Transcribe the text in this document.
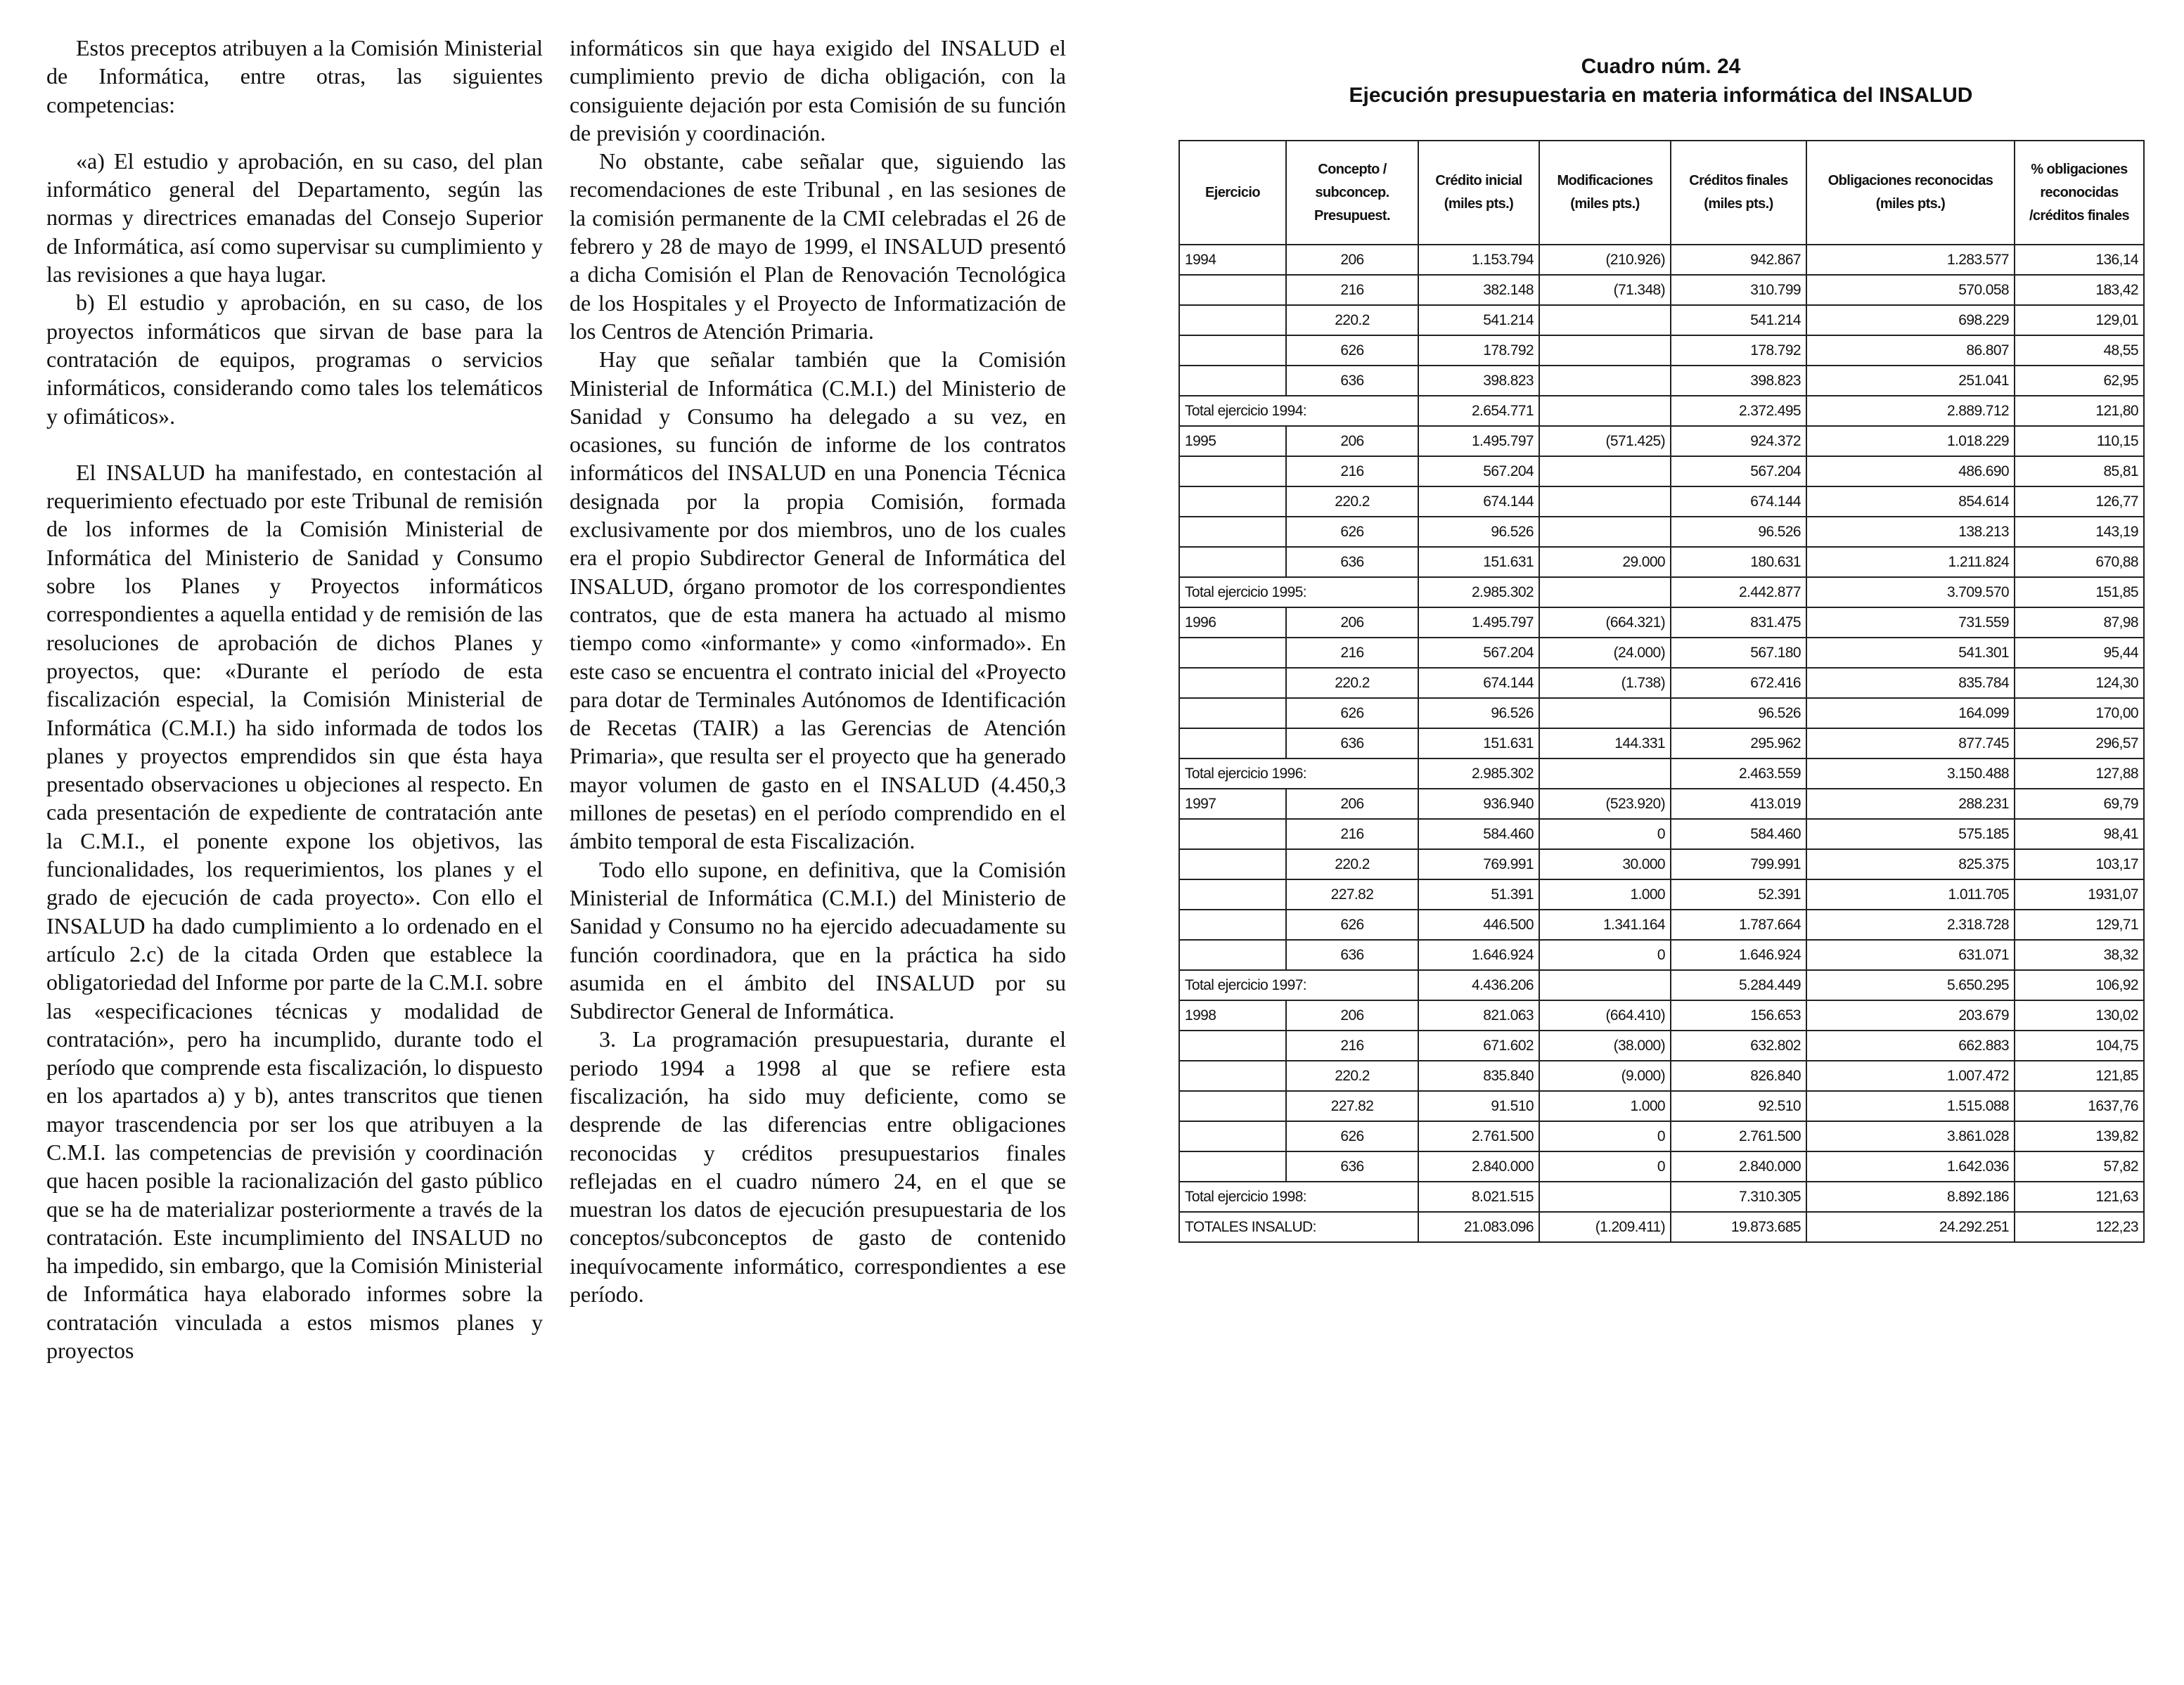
Estos preceptos atribuyen a la Comisión Ministerial de Informática, entre otras, las siguientes competencias:

«a) El estudio y aprobación, en su caso, del plan informático general del Departamento, según las normas y directrices emanadas del Consejo Superior de Informática, así como supervisar su cumplimiento y las revisiones a que haya lugar.

b) El estudio y aprobación, en su caso, de los proyectos informáticos que sirvan de base para la contratación de equipos, programas o servicios informáticos, considerando como tales los telemáticos y ofimáticos».

El INSALUD ha manifestado, en contestación al requerimiento efectuado por este Tribunal de remisión de los informes de la Comisión Ministerial de Informática del Ministerio de Sanidad y Consumo sobre los Planes y Proyectos informáticos correspondientes a aquella entidad y de remisión de las resoluciones de aprobación de dichos Planes y proyectos, que: «Durante el período de esta fiscalización especial, la Comisión Ministerial de Informática (C.M.I.) ha sido informada de todos los planes y proyectos emprendidos sin que ésta haya presentado observaciones u objeciones al respecto. En cada presentación de expediente de contratación ante la C.M.I., el ponente expone los objetivos, las funcionalidades, los requerimientos, los planes y el grado de ejecución de cada proyecto». Con ello el INSALUD ha dado cumplimiento a lo ordenado en el artículo 2.c) de la citada Orden que establece la obligatoriedad del Informe por parte de la C.M.I. sobre las «especificaciones técnicas y modalidad de contratación», pero ha incumplido, durante todo el período que comprende esta fiscalización, lo dispuesto en los apartados a) y b), antes transcritos que tienen mayor trascendencia por ser los que atribuyen a la C.M.I. las competencias de previsión y coordinación que hacen posible la racionalización del gasto público que se ha de materializar posteriormente a través de la contratación. Este incumplimiento del INSALUD no ha impedido, sin embargo, que la Comisión Ministerial de Informática haya elaborado informes sobre la contratación vinculada a estos mismos planes y proyectos

informáticos sin que haya exigido del INSALUD el cumplimiento previo de dicha obligación, con la consiguiente dejación por esta Comisión de su función de previsión y coordinación.

No obstante, cabe señalar que, siguiendo las recomendaciones de este Tribunal , en las sesiones de la comisión permanente de la CMI celebradas el 26 de febrero y 28 de mayo de 1999, el INSALUD presentó a dicha Comisión el Plan de Renovación Tecnológica de los Hospitales y el Proyecto de Informatización de los Centros de Atención Primaria.

Hay que señalar también que la Comisión Ministerial de Informática (C.M.I.) del Ministerio de Sanidad y Consumo ha delegado a su vez, en ocasiones, su función de informe de los contratos informáticos del INSALUD en una Ponencia Técnica designada por la propia Comisión, formada exclusivamente por dos miembros, uno de los cuales era el propio Subdirector General de Informática del INSALUD, órgano promotor de los correspondientes contratos, que de esta manera ha actuado al mismo tiempo como «informante» y como «informado». En este caso se encuentra el contrato inicial del «Proyecto para dotar de Terminales Autónomos de Identificación de Recetas (TAIR) a las Gerencias de Atención Primaria», que resulta ser el proyecto que ha generado mayor volumen de gasto en el INSALUD (4.450,3 millones de pesetas) en el período comprendido en el ámbito temporal de esta Fiscalización.

Todo ello supone, en definitiva, que la Comisión Ministerial de Informática (C.M.I.) del Ministerio de Sanidad y Consumo no ha ejercido adecuadamente su función coordinadora, que en la práctica ha sido asumida en el ámbito del INSALUD por su Subdirector General de Informática.

3. La programación presupuestaria, durante el periodo 1994 a 1998 al que se refiere esta fiscalización, ha sido muy deficiente, como se desprende de las diferencias entre obligaciones reconocidas y créditos presupuestarios finales reflejadas en el cuadro número 24, en el que se muestran los datos de ejecución presupuestaria de los conceptos/subconceptos de gasto de contenido inequívocamente informático, correspondientes a ese período.

Cuadro núm. 24
Ejecución presupuestaria en materia informática del INSALUD
Ejercicio	Concepto / subconcep. Presupuest.	Crédito inicial (miles pts.)	Modificaciones (miles pts.)	Créditos finales (miles pts.)	Obligaciones reconocidas (miles pts.)	% obligaciones reconocidas /créditos finales
1994	206	1.153.794	(210.926)	942.867	1.283.577	136,14
	216	382.148	(71.348)	310.799	570.058	183,42
	220.2	541.214		541.214	698.229	129,01
	626	178.792		178.792	86.807	48,55
	636	398.823		398.823	251.041	62,95
Total ejercicio 1994:		2.654.771		2.372.495	2.889.712	121,80
1995	206	1.495.797	(571.425)	924.372	1.018.229	110,15
	216	567.204		567.204	486.690	85,81
	220.2	674.144		674.144	854.614	126,77
	626	96.526		96.526	138.213	143,19
	636	151.631	29.000	180.631	1.211.824	670,88
Total ejercicio 1995:		2.985.302		2.442.877	3.709.570	151,85
1996	206	1.495.797	(664.321)	831.475	731.559	87,98
	216	567.204	(24.000)	567.180	541.301	95,44
	220.2	674.144	(1.738)	672.416	835.784	124,30
	626	96.526		96.526	164.099	170,00
	636	151.631	144.331	295.962	877.745	296,57
Total ejercicio 1996:		2.985.302		2.463.559	3.150.488	127,88
1997	206	936.940	(523.920)	413.019	288.231	69,79
	216	584.460	0	584.460	575.185	98,41
	220.2	769.991	30.000	799.991	825.375	103,17
	227.82	51.391	1.000	52.391	1.011.705	1931,07
	626	446.500	1.341.164	1.787.664	2.318.728	129,71
	636	1.646.924	0	1.646.924	631.071	38,32
Total ejercicio 1997:		4.436.206		5.284.449	5.650.295	106,92
1998	206	821.063	(664.410)	156.653	203.679	130,02
	216	671.602	(38.000)	632.802	662.883	104,75
	220.2	835.840	(9.000)	826.840	1.007.472	121,85
	227.82	91.510	1.000	92.510	1.515.088	1637,76
	626	2.761.500	0	2.761.500	3.861.028	139,82
	636	2.840.000	0	2.840.000	1.642.036	57,82
Total ejercicio 1998:		8.021.515		7.310.305	8.892.186	121,63
TOTALES INSALUD:		21.083.096	(1.209.411)	19.873.685	24.292.251	122,23
